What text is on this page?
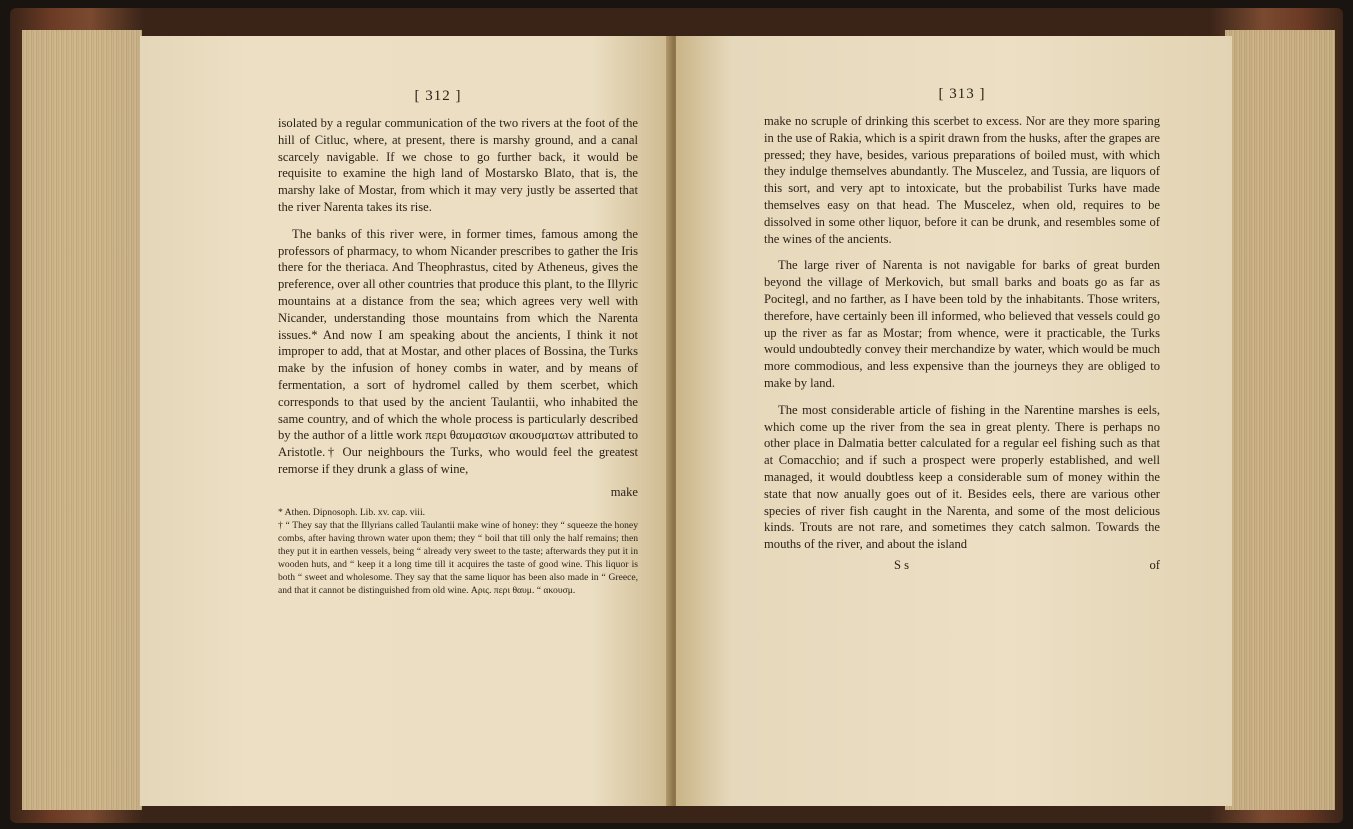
[ 312 ]

isolated by a regular communication of the two rivers at the foot of the hill of Citluc, where, at present, there is marshy ground, and a canal scarcely navigable. If we chose to go further back, it would be requisite to examine the high land of Mostarsko Blato, that is, the marshy lake of Mostar, from which it may very justly be asserted that the river Narenta takes its rise.

The banks of this river were, in former times, famous among the professors of pharmacy, to whom Nicander prescribes to gather the Iris there for the theriaca. And Theophrastus, cited by Atheneus, gives the preference, over all other countries that produce this plant, to the Illyric mountains at a distance from the sea; which agrees very well with Nicander, understanding those mountains from which the Narenta issues.* And now I am speaking about the ancients, I think it not improper to add, that at Mostar, and other places of Bossina, the Turks make by the infusion of honey combs in water, and by means of fermentation, a sort of hydromel called by them scerbet, which corresponds to that used by the ancient Taulantii, who inhabited the same country, and of which the whole process is particularly described by the author of a little work περι θαυμασιων ακουσματων attributed to Aristotle.† Our neighbours the Turks, who would feel the greatest remorse if they drunk a glass of wine,

make

* Athen. Dipnosoph. Lib. xv. cap. viii.

† “ They say that the Illyrians called Taulantii make wine of honey: they “ squeeze the honey combs, after having thrown water upon them; they “ boil that till only the half remains; then they put it in earthen vessels, being “ already very sweet to the taste; afterwards they put it in wooden huts, and “ keep it a long time till it acquires the taste of good wine. This liquor is both “ sweet and wholesome. They say that the same liquor has been also made in “ Greece, and that it cannot be distinguished from old wine. Αρις. περι θαυμ. “ ακουσμ.

[ 313 ]

make no scruple of drinking this scerbet to excess. Nor are they more sparing in the use of Rakia, which is a spirit drawn from the husks, after the grapes are pressed; they have, besides, various preparations of boiled must, with which they indulge themselves abundantly. The Muscelez, and Tussia, are liquors of this sort, and very apt to intoxicate, but the probabilist Turks have made themselves easy on that head. The Muscelez, when old, requires to be dissolved in some other liquor, before it can be drunk, and resembles some of the wines of the ancients.

The large river of Narenta is not navigable for barks of great burden beyond the village of Merkovich, but small barks and boats go as far as Pocitegl, and no farther, as I have been told by the inhabitants. Those writers, therefore, have certainly been ill informed, who believed that vessels could go up the river as far as Mostar; from whence, were it practicable, the Turks would undoubtedly convey their merchandize by water, which would be much more commodious, and less expensive than the journeys they are obliged to make by land.

The most considerable article of fishing in the Narentine marshes is eels, which come up the river from the sea in great plenty. There is perhaps no other place in Dalmatia better calculated for a regular eel fishing such as that at Comacchio; and if such a prospect were properly established, and well managed, it would doubtless keep a considerable sum of money within the state that now anually goes out of it. Besides eels, there are various other species of river fish caught in the Narenta, and some of the most delicious kinds. Trouts are not rare, and sometimes they catch salmon. Towards the mouths of the river, and about the island

S s	of
